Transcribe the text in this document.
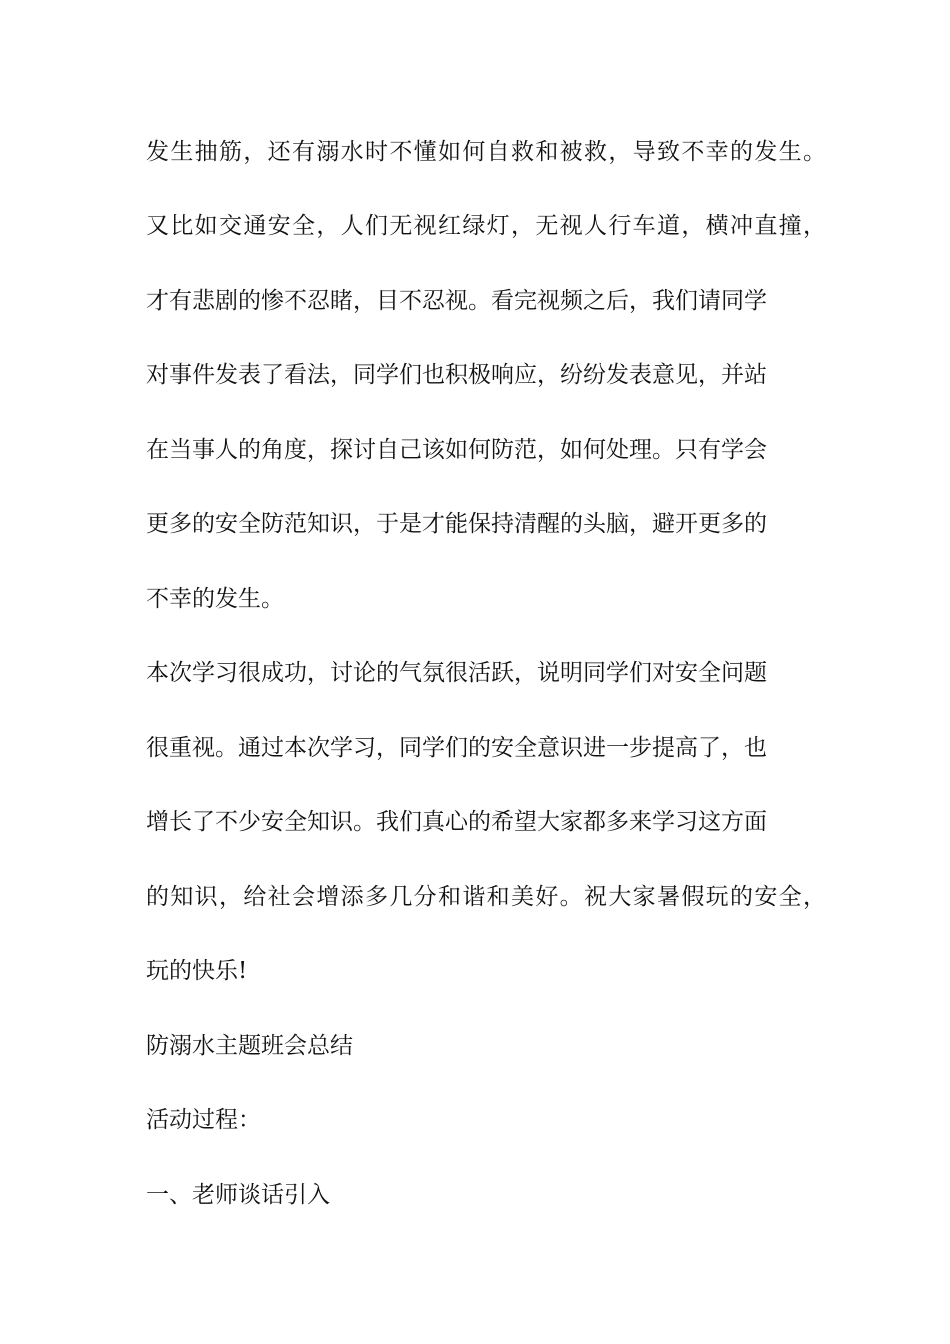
发生抽筋，还有溺水时不懂如何自救和被救，导致不幸的发生。

又比如交通安全，人们无视红绿灯，无视人行车道，横冲直撞，

才有悲剧的惨不忍睹，目不忍视。看完视频之后，我们请同学

对事件发表了看法，同学们也积极响应，纷纷发表意见，并站

在当事人的角度，探讨自己该如何防范，如何处理。只有学会

更多的安全防范知识，于是才能保持清醒的头脑，避开更多的

不幸的发生。

本次学习很成功，讨论的气氛很活跃，说明同学们对安全问题

很重视。通过本次学习，同学们的安全意识进一步提高了，也

增长了不少安全知识。我们真心的希望大家都多来学习这方面

的知识，给社会增添多几分和谐和美好。祝大家暑假玩的安全，

玩的快乐!

防溺水主题班会总结

活动过程：

一、老师谈话引入
